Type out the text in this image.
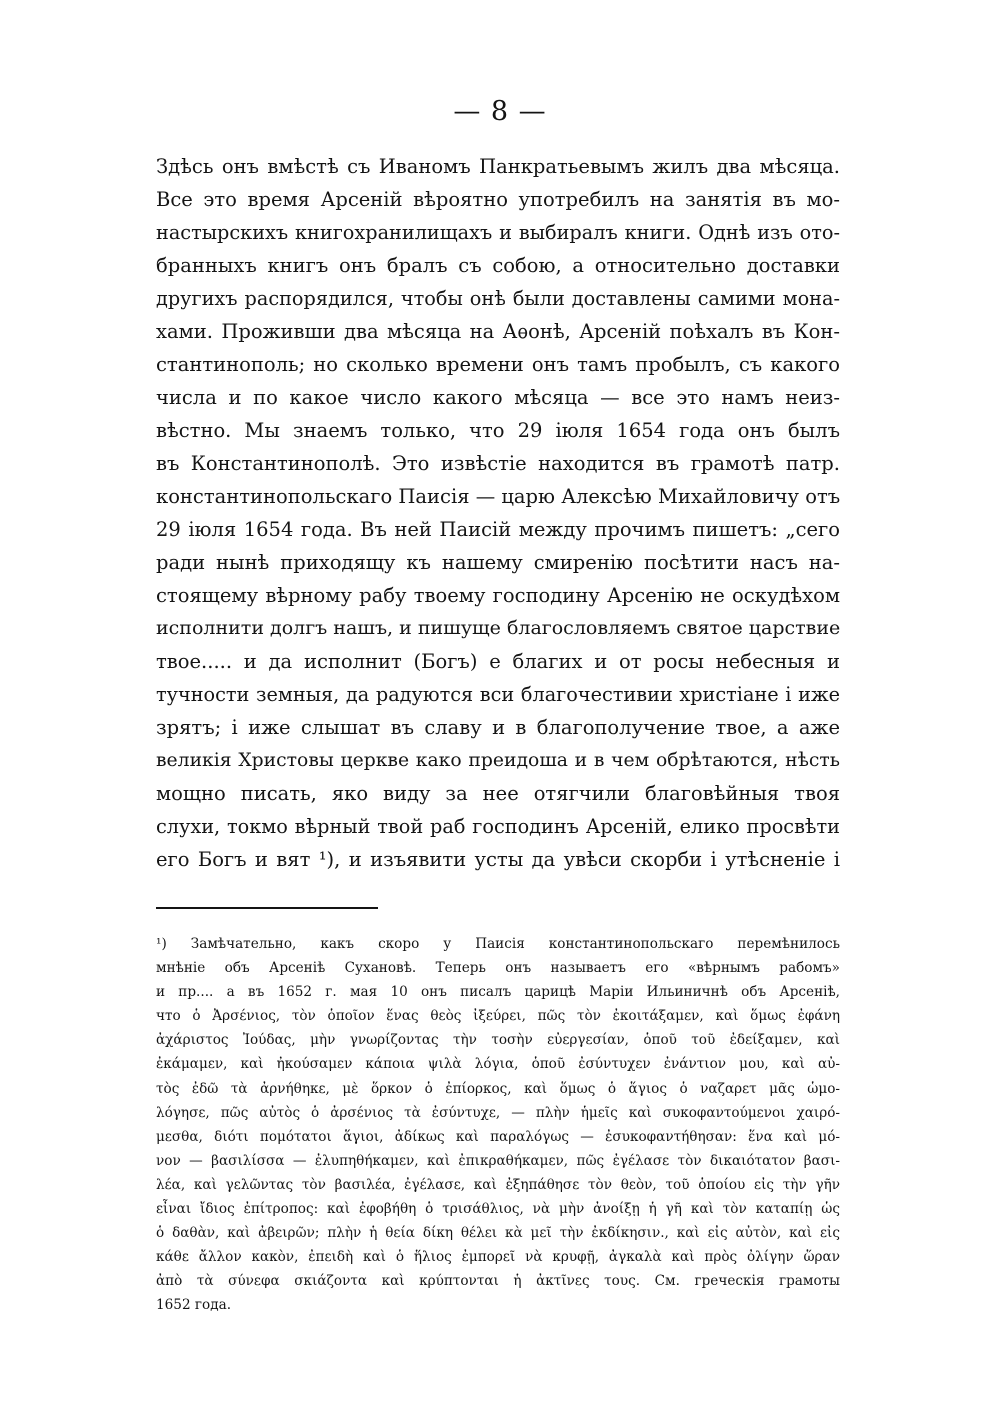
— 8 —
Здѣсь онъ вмѣстѣ съ Иваномъ Панкратьевымъ жилъ два мѣсяца.
Все это время Арсеній вѣроятно употребилъ на занятія въ мо-
настырскихъ книгохранилищахъ и выбиралъ книги. Однѣ изъ ото-
бранныхъ книгъ онъ бралъ съ собою, а относительно доставки
другихъ распорядился, чтобы онѣ были доставлены самими мона-
хами. Проживши два мѣсяца на Аѳонѣ, Арсеній поѣхалъ въ Кон-
стантинополь; но сколько времени онъ тамъ пробылъ, съ какого
числа и по какое число какого мѣсяца — все это намъ неиз-
вѣстно. Мы знаемъ только, что 29 іюля 1654 года онъ былъ
въ Константинополѣ. Это извѣстіе находится въ грамотѣ патр.
константинопольскаго Паисія — царю Алексѣю Михайловичу отъ
29 іюля 1654 года. Въ ней Паисій между прочимъ пишетъ: „сего
ради нынѣ приходящу къ нашему смиренію посѣтити насъ на-
стоящему вѣрному рабу твоему господину Арсенію не оскудѣхом
исполнити долгъ нашъ, и пишуще благословляемъ святое царствие
твое..... и да исполнит (Богъ) е благих и от росы небесныя и
тучности земныя, да радуются вси благочестивии христiане і иже
зрятъ; і иже слышат въ славу и в благополучение твое, а аже
великiя Христовы церкве како преидоша и в чем обрѣтаются, нѣсть
мощно писать, яко виду за нее отягчили благовѣйныя твоя
слухи, токмо вѣрный твой раб господинъ Арсеній, елико просвѣти
его Богъ и вят ¹), и изъявити усты да увѣси скорби і утѣсненіе і
¹) Замѣчательно, какъ скоро у Паисія константинопольскаго перемѣнилось
мнѣніе объ Арсеніѣ Сухановѣ. Теперь онъ называетъ его «вѣрнымъ рабомъ»
и пр.... а въ 1652 г. мая 10 онъ писалъ царицѣ Маріи Ильиничнѣ объ Арсеніѣ,
что ὁ Ἀρσένιος, τὸν ὁποῖον ἕνας θεὸς ἰξεύρει, πῶς τὸν ἐκοιτάξαμεν, καὶ ὅμως ἐφάνη
ἀχάριστος Ἰούδας, μὴν γνωρίζοντας τὴν τοσὴν εὐεργεσίαν, ὁποῦ τοῦ ἐδείξαμεν, καὶ
ἐκάμαμεν, καὶ ἠκούσαμεν κάποια ψιλὰ λόγια, ὁποῦ ἐσύντυχεν ἐνάντιον μου, καὶ αὐ-
τὸς ἐδῶ τὰ ἀρνήθηκε, μὲ ὅρκον ὁ ἐπίορκος, καὶ ὅμως ὁ ἅγιος ὁ ναζαρετ μᾶς ὡμο-
λόγησε, πῶς αὐτὸς ὁ ἀρσένιος τὰ ἐσύντυχε, — πλὴν ἡμεῖς καὶ συκοφαντούμενοι χαιρό-
μεσθα, διότι πομότατοι ἅγιοι, ἀδίκως καὶ παραλόγως — ἐσυκοφαντήθησαν: ἕνα καὶ μό-
νον — βασιλίσσα — ἐλυπηθήκαμεν, καὶ ἐπικραθήκαμεν, πῶς ἐγέλασε τὸν δικαιότατον βασι-
λέα, καὶ γελῶντας τὸν βασιλέα, ἐγέλασε, καὶ ἐξηπάθησε τὸν θεὸν, τοῦ ὁποίου εἰς τὴν γῆν
εἶναι ἴδιος ἐπίτροπος: καὶ ἐφοβήθη ὁ τρισάθλιος, νὰ μὴν ἀνοίξῃ ἡ γῆ καὶ τὸν καταπίῃ ὡς
ὁ δαθὰν, καὶ ἀβειρῶν; πλὴν ἡ θεία δίκη θέλει κὰ μεῖ τὴν ἐκδίκησιν., καὶ εἰς αὐτὸν, καὶ εἰς
κάθε ἄλλον κακὸν, ἐπειδὴ καὶ ὁ ἥλιος ἐμπορεῖ νὰ κρυφῇ, ἀγκαλὰ καὶ πρὸς ὀλίγην ὥραν
ἀπὸ τὰ σύνεφα σκιάζοντα καὶ κρύπτονται ἡ ἀκτῖνες τους. См. греческія грамоты
1652 года.
